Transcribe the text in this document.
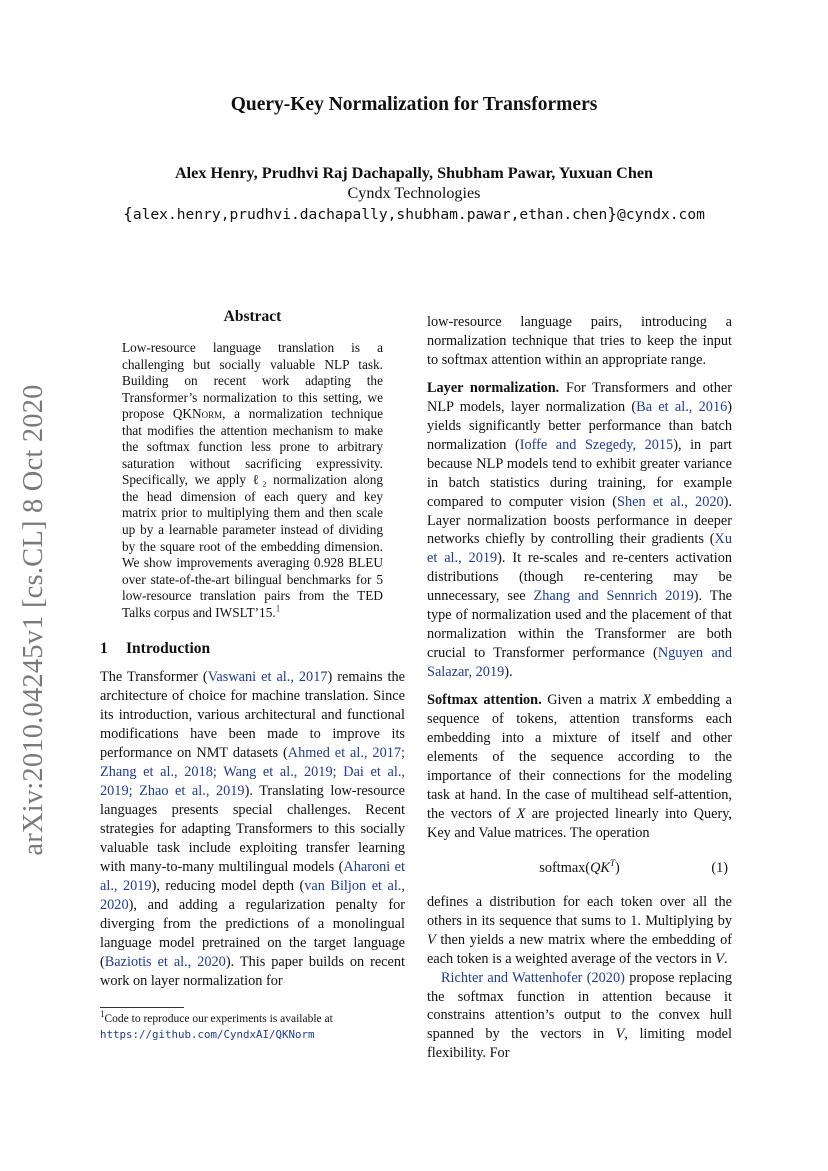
arXiv:2010.04245v1 [cs.CL] 8 Oct 2020
Query-Key Normalization for Transformers
Alex Henry, Prudhvi Raj Dachapally, Shubham Pawar, Yuxuan Chen
Cyndx Technologies
{alex.henry,prudhvi.dachapally,shubham.pawar,ethan.chen}@cyndx.com
Abstract

Low-resource language translation is a challenging but socially valuable NLP task. Building on recent work adapting the Transformer’s normalization to this setting, we propose QKNorm, a normalization technique that modifies the attention mechanism to make the softmax function less prone to arbitrary saturation without sacrificing expressivity. Specifically, we apply ℓ₂ normalization along the head dimension of each query and key matrix prior to multiplying them and then scale up by a learnable parameter instead of dividing by the square root of the embedding dimension. We show improvements averaging 0.928 BLEU over state-of-the-art bilingual benchmarks for 5 low-resource translation pairs from the TED Talks corpus and IWSLT’15.$^1$

1 Introduction

The Transformer (Vaswani et al., 2017) remains the architecture of choice for machine translation. Since its introduction, various architectural and functional modifications have been made to improve its performance on NMT datasets (Ahmed et al., 2017; Zhang et al., 2018; Wang et al., 2019; Dai et al., 2019; Zhao et al., 2019). Translating low-resource languages presents special challenges. Recent strategies for adapting Transformers to this socially valuable task include exploiting transfer learning with many-to-many multilingual models (Aharoni et al., 2019), reducing model depth (van Biljon et al., 2020), and adding a regularization penalty for diverging from the predictions of a monolingual language model pretrained on the target language (Baziotis et al., 2020). This paper builds on recent work on layer normalization for

$^1$Code to reproduce our experiments is available at https://github.com/CyndxAI/QKNorm

low-resource language pairs, introducing a normalization technique that tries to keep the input to softmax attention within an appropriate range.

Layer normalization. For Transformers and other NLP models, layer normalization (Ba et al., 2016) yields significantly better performance than batch normalization (Ioffe and Szegedy, 2015), in part because NLP models tend to exhibit greater variance in batch statistics during training, for example compared to computer vision (Shen et al., 2020). Layer normalization boosts performance in deeper networks chiefly by controlling their gradients (Xu et al., 2019). It re-scales and re-centers activation distributions (though re-centering may be unnecessary, see Zhang and Sennrich 2019). The type of normalization used and the placement of that normalization within the Transformer are both crucial to Transformer performance (Nguyen and Salazar, 2019).

Softmax attention. Given a matrix X embedding a sequence of tokens, attention transforms each embedding into a mixture of itself and other elements of the sequence according to the importance of their connections for the modeling task at hand. In the case of multihead self-attention, the vectors of X are projected linearly into Query, Key and Value matrices. The operation

$softmax(QK^T)$	(1)

defines a distribution for each token over all the others in its sequence that sums to 1. Multiplying by V then yields a new matrix where the embedding of each token is a weighted average of the vectors in V.

Richter and Wattenhofer (2020) propose replacing the softmax function in attention because it constrains attention’s output to the convex hull spanned by the vectors in V, limiting model flexibility. For
